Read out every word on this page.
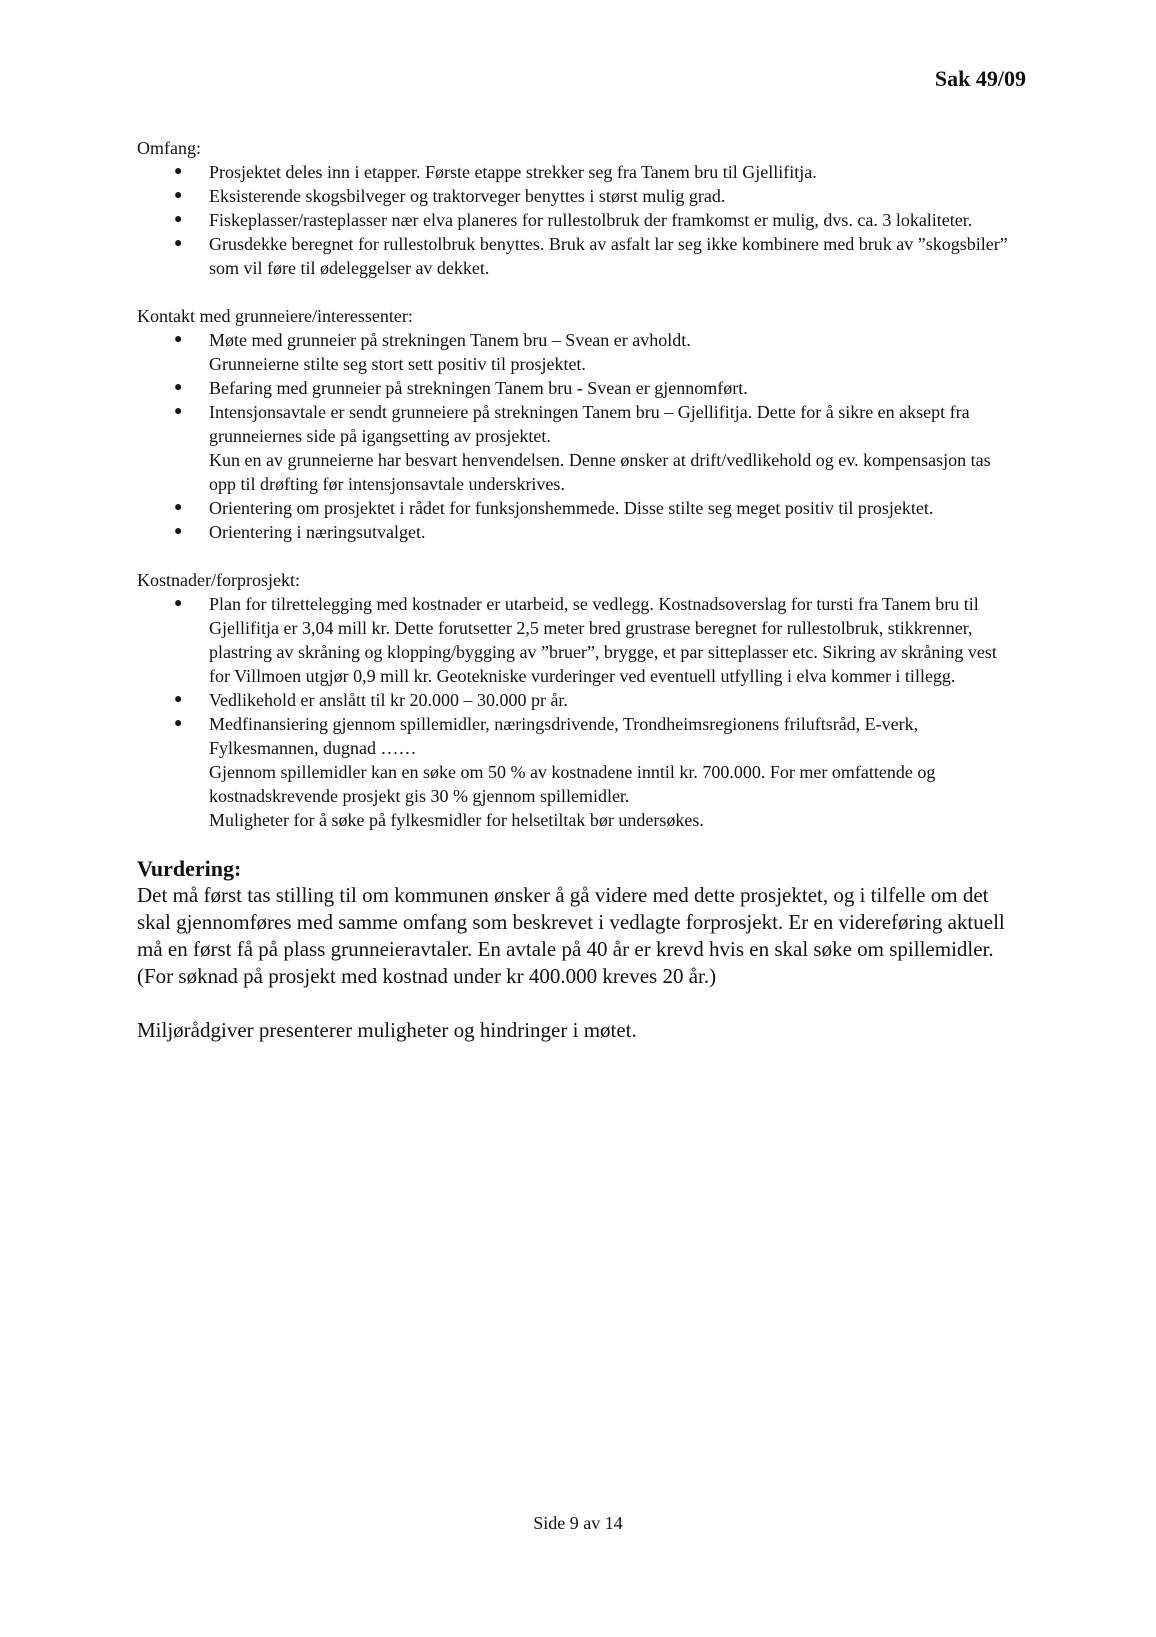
Sak 49/09

Omfang:

● Prosjektet deles inn i etapper. Første etappe strekker seg fra Tanem bru til Gjellifitja.
● Eksisterende skogsbilveger og traktorveger benyttes i størst mulig grad.
● Fiskeplasser/rasteplasser nær elva planeres for rullestolbruk der framkomst er mulig, dvs. ca. 3 lokaliteter.
● Grusdekke beregnet for rullestolbruk benyttes. Bruk av asfalt lar seg ikke kombinere med bruk av ”skogsbiler” som vil føre til ødeleggelser av dekket.

Kontakt med grunneiere/interessenter:

● Møte med grunneier på strekningen Tanem bru – Svean er avholdt.
Grunneierne stilte seg stort sett positiv til prosjektet.
● Befaring med grunneier på strekningen Tanem bru - Svean er gjennomført.
● Intensjonsavtale er sendt grunneiere på strekningen Tanem bru – Gjellifitja. Dette for å sikre en aksept fra grunneiernes side på igangsetting av prosjektet.
Kun en av grunneierne har besvart henvendelsen. Denne ønsker at drift/vedlikehold og ev. kompensasjon tas opp til drøfting før intensjonsavtale underskrives.
● Orientering om prosjektet i rådet for funksjonshemmede. Disse stilte seg meget positiv til prosjektet.
● Orientering i næringsutvalget.

Kostnader/forprosjekt:

● Plan for tilrettelegging med kostnader er utarbeid, se vedlegg. Kostnadsoverslag for tursti fra Tanem bru til Gjellifitja er 3,04 mill kr. Dette forutsetter 2,5 meter bred grustrase beregnet for rullestolbruk, stikkrenner, plastring av skråning og klopping/bygging av ”bruer”, brygge, et par sitteplasser etc. Sikring av skråning vest for Villmoen utgjør 0,9 mill kr. Geotekniske vurderinger ved eventuell utfylling i elva kommer i tillegg.
● Vedlikehold er anslått til kr 20.000 – 30.000 pr år.
● Medfinansiering gjennom spillemidler, næringsdrivende, Trondheimsregionens friluftsråd, E-verk, Fylkesmannen, dugnad ……
Gjennom spillemidler kan en søke om 50 % av kostnadene inntil kr. 700.000. For mer omfattende og kostnadskrevende prosjekt gis 30 % gjennom spillemidler.
Muligheter for å søke på fylkesmidler for helsetiltak bør undersøkes.
Vurdering:

Det må først tas stilling til om kommunen ønsker å gå videre med dette prosjektet, og i tilfelle om det skal gjennomføres med samme omfang som beskrevet i vedlagte forprosjekt. Er en videreføring aktuell må en først få på plass grunneieravtaler. En avtale på 40 år er krevd hvis en skal søke om spillemidler. (For søknad på prosjekt med kostnad under kr 400.000 kreves 20 år.)

Miljørådgiver presenterer muligheter og hindringer i møtet.

Side 9 av 14
